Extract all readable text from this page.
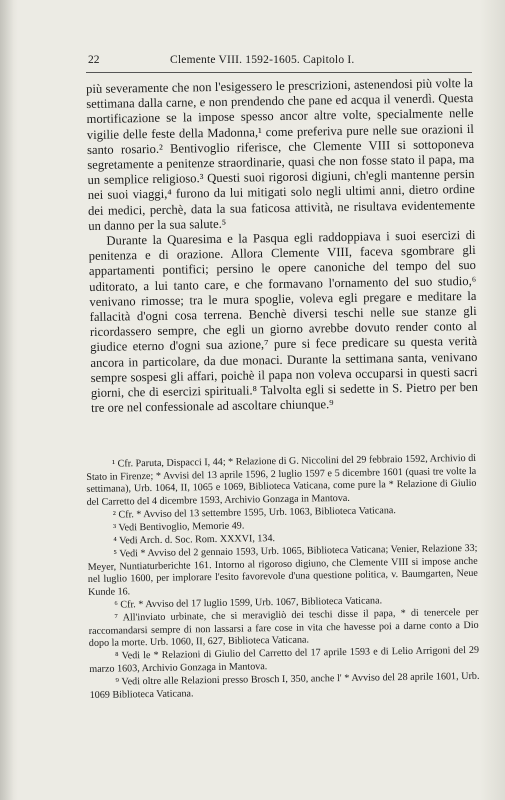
22	Clemente VIII. 1592-1605. Capitolo I.

più severamente che non l'esigessero le prescrizioni, astenendosi più volte la settimana dalla carne, e non prendendo che pane ed acqua il venerdì. Questa mortificazione se la impose spesso ancor altre volte, specialmente nelle vigilie delle feste della Madonna,¹ come preferiva pure nelle sue orazioni il santo rosario.² Bentivoglio riferisce, che Clemente VIII si sottoponeva segretamente a penitenze straordinarie, quasi che non fosse stato il papa, ma un semplice religioso.³ Questi suoi rigorosi digiuni, ch'egli mantenne persin nei suoi viaggi,⁴ furono da lui mitigati solo negli ultimi anni, dietro ordine dei medici, perchè, data la sua faticosa attività, ne risultava evidentemente un danno per la sua salute.⁵

Durante la Quaresima e la Pasqua egli raddoppiava i suoi esercizi di penitenza e di orazione. Allora Clemente VIII, faceva sgombrare gli appartamenti pontifici; persino le opere canoniche del tempo del suo uditorato, a lui tanto care, e che formavano l'ornamento del suo studio,⁶ venivano rimosse; tra le mura spoglie, voleva egli pregare e meditare la fallacità d'ogni cosa terrena. Benchè diversi teschi nelle sue stanze gli ricordassero sempre, che egli un giorno avrebbe dovuto render conto al giudice eterno d'ogni sua azione,⁷ pure si fece predicare su questa verità ancora in particolare, da due monaci. Durante la settimana santa, venivano sempre sospesi gli affari, poichè il papa non voleva occuparsi in questi sacri giorni, che di esercizi spirituali.⁸ Talvolta egli si sedette in S. Pietro per ben tre ore nel confessionale ad ascoltare chiunque.⁹

¹ Cfr. Paruta, Dispacci I, 44; * Relazione di G. Niccolini del 29 febbraio 1592, Archivio di Stato in Firenze; * Avvisi del 13 aprile 1596, 2 luglio 1597 e 5 dicembre 1601 (quasi tre volte la settimana), Urb. 1064, II, 1065 e 1069, Biblioteca Vaticana, come pure la * Relazione di Giulio del Carretto del 4 dicembre 1593, Archivio Gonzaga in Mantova.

² Cfr. * Avviso del 13 settembre 1595, Urb. 1063, Biblioteca Vaticana.

³ Vedi Bentivoglio, Memorie 49.

⁴ Vedi Arch. d. Soc. Rom. XXXVI, 134.

⁵ Vedi * Avviso del 2 gennaio 1593, Urb. 1065, Biblioteca Vaticana; Venier, Relazione 33; Meyer, Nuntiaturberichte 161. Intorno al rigoroso digiuno, che Clemente VIII si impose anche nel luglio 1600, per implorare l'esito favorevole d'una questione politica, v. Baumgarten, Neue Kunde 16.

⁶ Cfr. * Avviso del 17 luglio 1599, Urb. 1067, Biblioteca Vaticana.

⁷ All'inviato urbinate, che si meravigliò dei teschi disse il papa, * di tenercele per raccomandarsi sempre di non lassarsi a fare cose in vita che havesse poi a darne conto a Dio dopo la morte. Urb. 1060, II, 627, Biblioteca Vaticana.

⁸ Vedi le * Relazioni di Giulio del Carretto del 17 aprile 1593 e di Lelio Arrigoni del 29 marzo 1603, Archivio Gonzaga in Mantova.

⁹ Vedi oltre alle Relazioni presso Brosch I, 350, anche l' * Avviso del 28 aprile 1601, Urb. 1069 Biblioteca Vaticana.
